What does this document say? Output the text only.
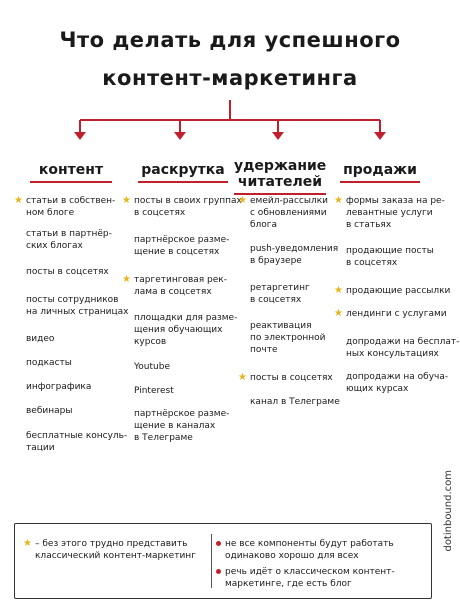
Что делать для успешного
контент-маркетинга
контент	раскрутка удержание
читателей

продажи
★ статьи в собствен-
ном блоге
статьи в партнёр-
ских блогах
посты в соцсетях
посты сотрудников
на личных страницах
видео
подкасты
инфографика
вебинары
бесплатные консуль-
тации
★ посты в своих группах
в соцсетях
партнёрское разме-
щение в соцсетях
★ таргетинговая рек-
лама в соцсетях
площадки для разме-
щения обучающих
курсов
Youtube
Pinterest
партнёрское разме-
щение в каналах
в Телеграме
★ емейл-рассылки
с обновлениями
блога
push-уведомления
в браузере
ретаргетинг
в соцсетях
реактивация
по электронной
почте
★ посты в соцсетях
канал в Телеграме
★ формы заказа на ре-
левантные услуги
в статьях
продающие посты
в соцсетях
★ продающие рассылки
★ лендинги с услугами
допродажи на бесплат-
ных консультациях
допродажи на обуча-
ющих курсах
dotinbound.com
★ – без этого трудно представить
классический контент-маркетинг
не все компоненты будут работать
одинаково хорошо для всех
речь идёт о классическом контент-
маркетинге, где есть блог
